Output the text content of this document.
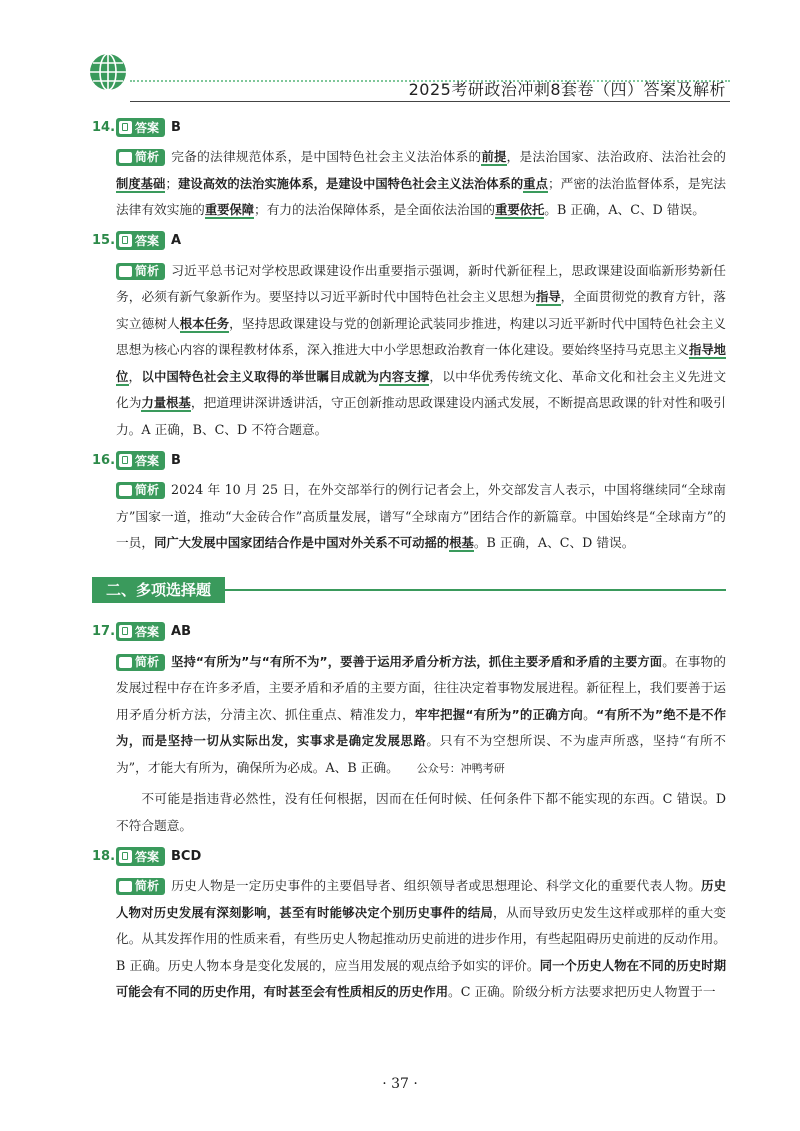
2025考研政治冲刺8套卷（四）答案及解析
14. 答案 B

简析 完备的法律规范体系，是中国特色社会主义法治体系的前提，是法治国家、法治政府、法治社会的制度基础；建设高效的法治实施体系，是建设中国特色社会主义法治体系的重点；严密的法治监督体系，是宪法法律有效实施的重要保障；有力的法治保障体系，是全面依法治国的重要依托。B 正确，A、C、D 错误。

15. 答案 A

简析 习近平总书记对学校思政课建设作出重要指示强调，新时代新征程上，思政课建设面临新形势新任务，必须有新气象新作为。要坚持以习近平新时代中国特色社会主义思想为指导，全面贯彻党的教育方针，落实立德树人根本任务，坚持思政课建设与党的创新理论武装同步推进，构建以习近平新时代中国特色社会主义思想为核心内容的课程教材体系，深入推进大中小学思想政治教育一体化建设。要始终坚持马克思主义指导地位，以中国特色社会主义取得的举世瞩目成就为内容支撑，以中华优秀传统文化、革命文化和社会主义先进文化为力量根基，把道理讲深讲透讲活，守正创新推动思政课建设内涵式发展，不断提高思政课的针对性和吸引力。A 正确，B、C、D 不符合题意。

16. 答案 B

简析 2024 年 10 月 25 日，在外交部举行的例行记者会上，外交部发言人表示，中国将继续同“全球南方”国家一道，推动“大金砖合作”高质量发展，谱写“全球南方”团结合作的新篇章。中国始终是“全球南方”的一员，同广大发展中国家团结合作是中国对外关系不可动摇的根基。B 正确，A、C、D 错误。

二、多项选择题
17. 答案 AB

简析 坚持“有所为”与“有所不为”，要善于运用矛盾分析方法，抓住主要矛盾和矛盾的主要方面。在事物的发展过程中存在许多矛盾，主要矛盾和矛盾的主要方面，往往决定着事物发展进程。新征程上，我们要善于运用矛盾分析方法，分清主次、抓住重点、精准发力，牢牢把握“有所为”的正确方向。“有所不为”绝不是不作为，而是坚持一切从实际出发，实事求是确定发展思路。只有不为空想所误、不为虚声所惑，坚持“有所不为”，才能大有所为，确保所为必成。A、B 正确。 公众号：冲鸭考研

不可能是指违背必然性，没有任何根据，因而在任何时候、任何条件下都不能实现的东西。C 错误。D 不符合题意。

18. 答案 BCD

简析 历史人物是一定历史事件的主要倡导者、组织领导者或思想理论、科学文化的重要代表人物。历史人物对历史发展有深刻影响，甚至有时能够决定个别历史事件的结局，从而导致历史发生这样或那样的重大变化。从其发挥作用的性质来看，有些历史人物起推动历史前进的进步作用，有些起阻碍历史前进的反动作用。B 正确。历史人物本身是变化发展的，应当用发展的观点给予如实的评价。同一个历史人物在不同的历史时期可能会有不同的历史作用，有时甚至会有性质相反的历史作用。C 正确。阶级分析方法要求把历史人物置于一

· 37 ·
